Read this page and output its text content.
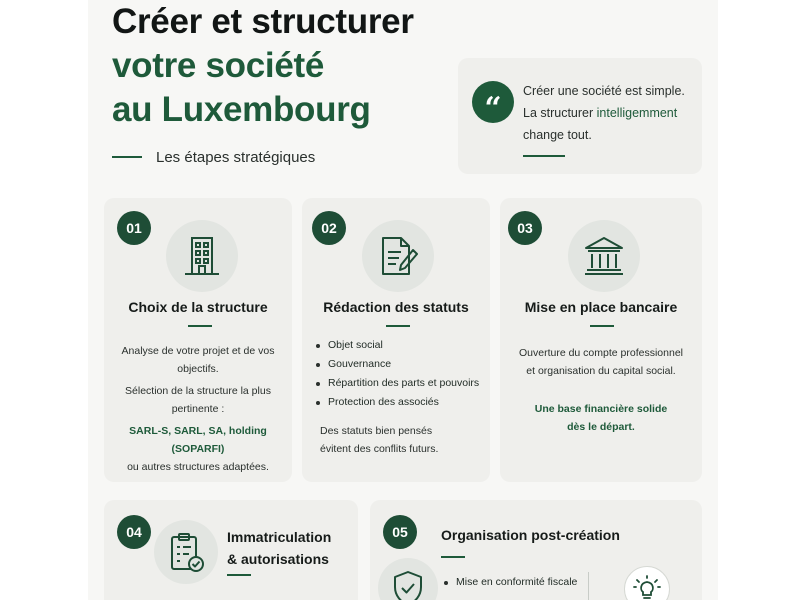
Créer et structurer
votre société
au Luxembourg
Les étapes stratégiques
“	Créer une société est simple.
La structurer intelligemment
change tout.
01
Choix de la structure

Analyse de votre projet et de vos objectifs.

Sélection de la structure la plus pertinente :

SARL-S, SARL, SA, holding (SOPARFI)

ou autres structures adaptées.

02
Rédaction des statuts
Objet social
Gouvernance
Répartition des parts et pouvoirs
Protection des associés
Des statuts bien pensés évitent des conflits futurs.
03
Mise en place bancaire

Ouverture du compte professionnel et organisation du capital social.

Une base financière solide dès le départ.

04	Immatriculation
& autorisations
05	Organisation post-création
Mise en conformité fiscale
